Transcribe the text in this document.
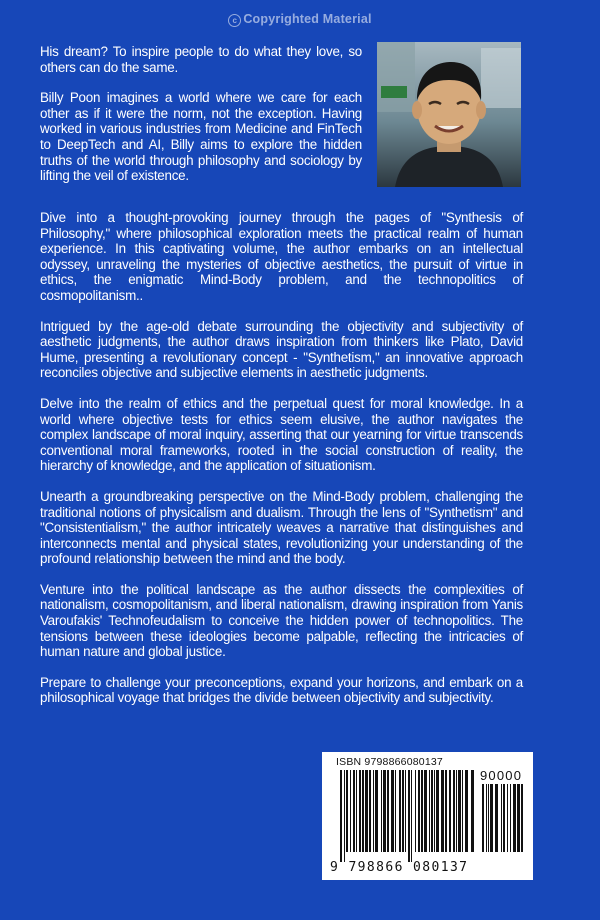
c Copyrighted Material

His dream? To inspire people to do what they love, so others can do the same.

Billy Poon imagines a world where we care for each other as if it were the norm, not the exception. Having worked in various industries from Medicine and FinTech to DeepTech and AI, Billy aims to explore the hidden truths of the world through philosophy and sociology by lifting the veil of existence.

Dive into a thought-provoking journey through the pages of "Synthesis of Philosophy," where philosophical exploration meets the practical realm of human experience. In this captivating volume, the author embarks on an intellectual odyssey, unraveling the mysteries of objective aesthetics, the pursuit of virtue in ethics, the enigmatic Mind-Body problem, and the technopolitics of cosmopolitanism..

Intrigued by the age-old debate surrounding the objectivity and subjectivity of aesthetic judgments, the author draws inspiration from thinkers like Plato, David Hume, presenting a revolutionary concept - "Synthetism," an innovative approach reconciles objective and subjective elements in aesthetic judgments.

Delve into the realm of ethics and the perpetual quest for moral knowledge. In a world where objective tests for ethics seem elusive, the author navigates the complex landscape of moral inquiry, asserting that our yearning for virtue transcends conventional moral frameworks, rooted in the social construction of reality, the hierarchy of knowledge, and the application of situationism.

Unearth a groundbreaking perspective on the Mind-Body problem, challenging the traditional notions of physicalism and dualism. Through the lens of "Synthetism" and "Consistentialism," the author intricately weaves a narrative that distinguishes and interconnects mental and physical states, revolutionizing your understanding of the profound relationship between the mind and the body.

Venture into the political landscape as the author dissects the complexities of nationalism, cosmopolitanism, and liberal nationalism, drawing inspiration from Yanis Varoufakis' Technofeudalism to conceive the hidden power of technopolitics. The tensions between these ideologies become palpable, reflecting the intricacies of human nature and global justice.

Prepare to challenge your preconceptions, expand your horizons, and embark on a philosophical voyage that bridges the divide between objectivity and subjectivity.

ISBN 9798866080137
90000
9 798866 080137
